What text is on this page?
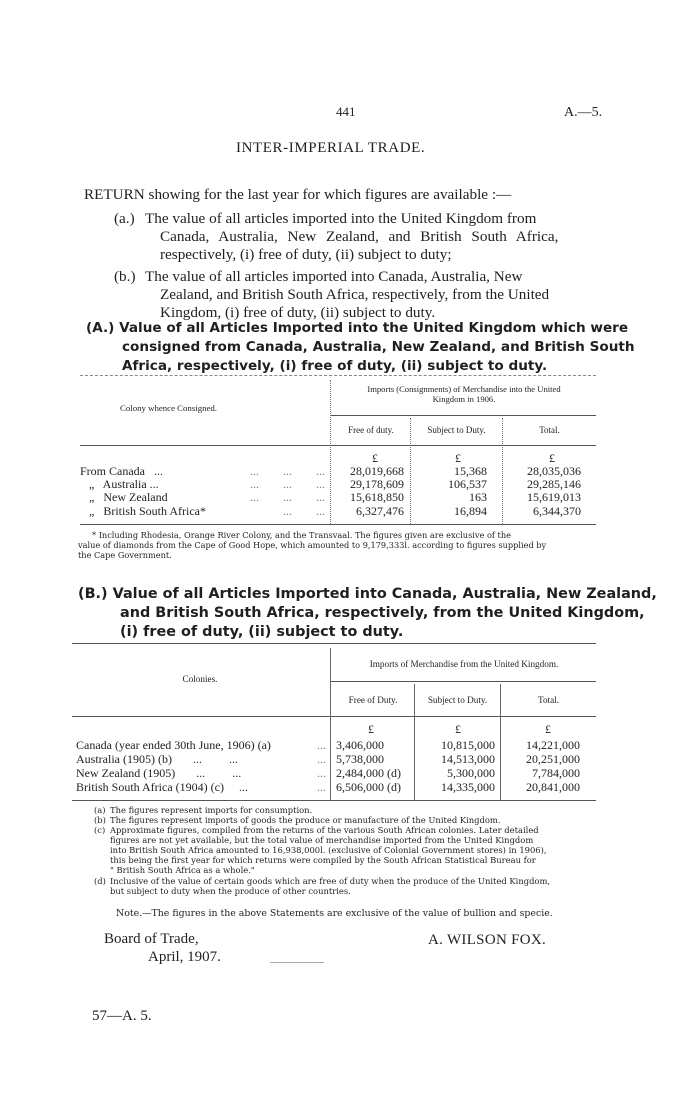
441	A.—5.
INTER-IMPERIAL TRADE.
RETURN showing for the last year for which figures are available :—
(a.) The value of all articles imported into the United Kingdom from
Canada, Australia, New Zealand, and British South Africa,
respectively, (i) free of duty, (ii) subject to duty;
(b.) The value of all articles imported into Canada, Australia, New
Zealand, and British South Africa, respectively, from the United
Kingdom, (i) free of duty, (ii) subject to duty.
(A.) Value of all Articles Imported into the United Kingdom which were
consigned from Canada, Australia, New Zealand, and British South
Africa, respectively, (i) free of duty, (ii) subject to duty.
Imports (Consignments) of Merchandise into the United
Kingdom in 1906.
Colony whence Consigned.
Free of duty.	Subject to Duty.	Total.
£	£	£
From Canada   ...	...        ...        ...	28,019,668	15,368	28,035,036
„   Australia ...	...        ...        ...	29,178,609	106,537	29,285,146
„   New Zealand	...        ...        ...	15,618,850	163	15,619,013
„   British South Africa*	...        ...	6,327,476	16,894	6,344,370
* Including Rhodesia, Orange River Colony, and the Transvaal. The figures given are exclusive of the
value of diamonds from the Cape of Good Hope, which amounted to 9,179,333l. according to figures supplied by
the Cape Government.
(B.) Value of all Articles Imported into Canada, Australia, New Zealand,
and British South Africa, respectively, from the United Kingdom,
(i) free of duty, (ii) subject to duty.
Imports of Merchandise from the United Kingdom.
Colonies.
Free of Duty.	Subject to Duty.	Total.
£	£	£
Canada (year ended 30th June, 1906) (a)	... 3,406,000	10,815,000	14,221,000
Australia (1905) (b)       ...         ...	... 5,738,000	14,513,000	20,251,000
New Zealand (1905)       ...         ...	... 2,484,000 (d)	5,300,000	7,784,000
British South Africa (1904) (c)     ...	... 6,506,000 (d)	14,335,000	20,841,000
(a) The figures represent imports for consumption.
(b) The figures represent imports of goods the produce or manufacture of the United Kingdom.
(c) Approximate figures, compiled from the returns of the various South African colonies. Later detailed
figures are not yet available, but the total value of merchandise imported from the United Kingdom
into British South Africa amounted to 16,938,000l. (exclusive of Colonial Government stores) in 1906),
this being the first year for which returns were compiled by the South African Statistical Bureau for
" British South Africa as a whole."
(d) Inclusive of the value of certain goods which are free of duty when the produce of the United Kingdom,
but subject to duty when the produce of other countries.
Note.—The figures in the above Statements are exclusive of the value of bullion and specie.
Board of Trade,
April, 1907.
A. WILSON FOX.
57—A. 5.
